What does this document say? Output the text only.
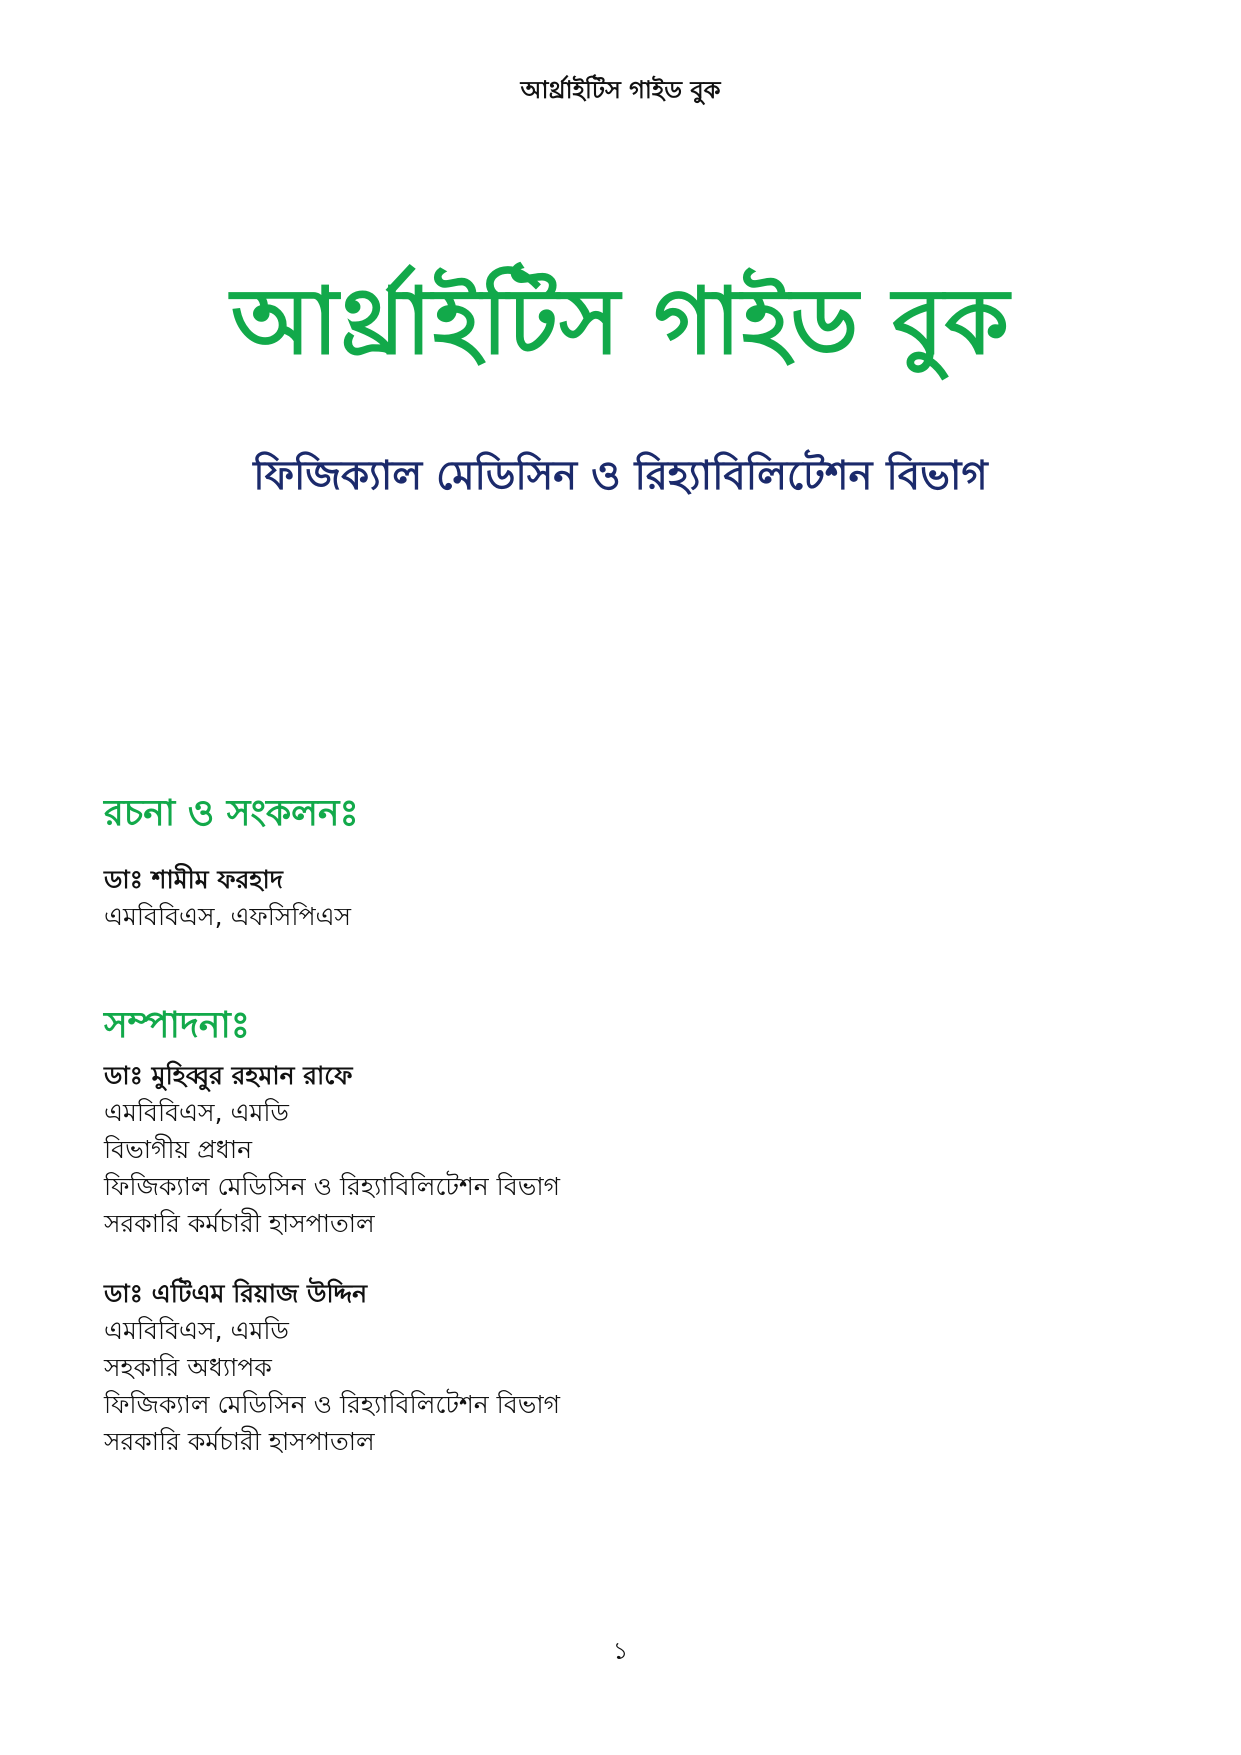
আর্থ্রাইটিস গাইড বুক
আর্থ্রাইটিস গাইড বুক
ফিজিক্যাল মেডিসিন ও রিহ্যাবিলিটেশন বিভাগ

রচনা ও সংকলনঃ

ডাঃ শামীম ফরহাদ

এমবিবিএস, এফসিপিএস

সম্পাদনাঃ

ডাঃ মুহিব্বুর রহমান রাফে

এমবিবিএস, এমডি

বিভাগীয় প্রধান

ফিজিক্যাল মেডিসিন ও রিহ্যাবিলিটেশন বিভাগ

সরকারি কর্মচারী হাসপাতাল

ডাঃ এটিএম রিয়াজ উদ্দিন

এমবিবিএস, এমডি

সহকারি অধ্যাপক

ফিজিক্যাল মেডিসিন ও রিহ্যাবিলিটেশন বিভাগ

সরকারি কর্মচারী হাসপাতাল

১
